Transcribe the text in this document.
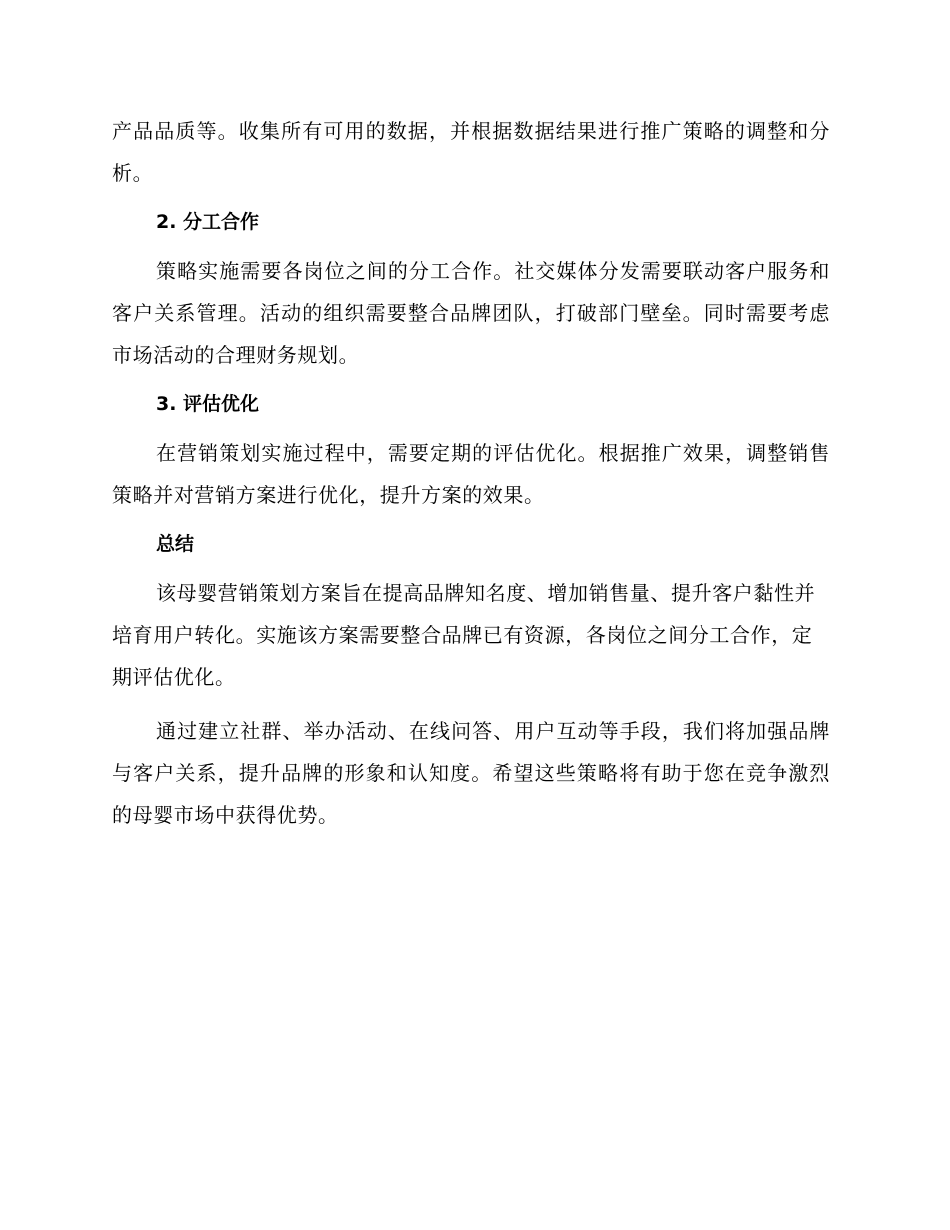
产品品质等。收集所有可用的数据，并根据数据结果进行推广策略的调整和分析。

2. 分工合作

策略实施需要各岗位之间的分工合作。社交媒体分发需要联动客户服务和客户关系管理。活动的组织需要整合品牌团队，打破部门壁垒。同时需要考虑市场活动的合理财务规划。

3. 评估优化

在营销策划实施过程中，需要定期的评估优化。根据推广效果，调整销售策略并对营销方案进行优化，提升方案的效果。

总结

该母婴营销策划方案旨在提高品牌知名度、增加销售量、提升客户黏性并培育用户转化。实施该方案需要整合品牌已有资源，各岗位之间分工合作，定期评估优化。

通过建立社群、举办活动、在线问答、用户互动等手段，我们将加强品牌与客户关系，提升品牌的形象和认知度。希望这些策略将有助于您在竞争激烈的母婴市场中获得优势。
